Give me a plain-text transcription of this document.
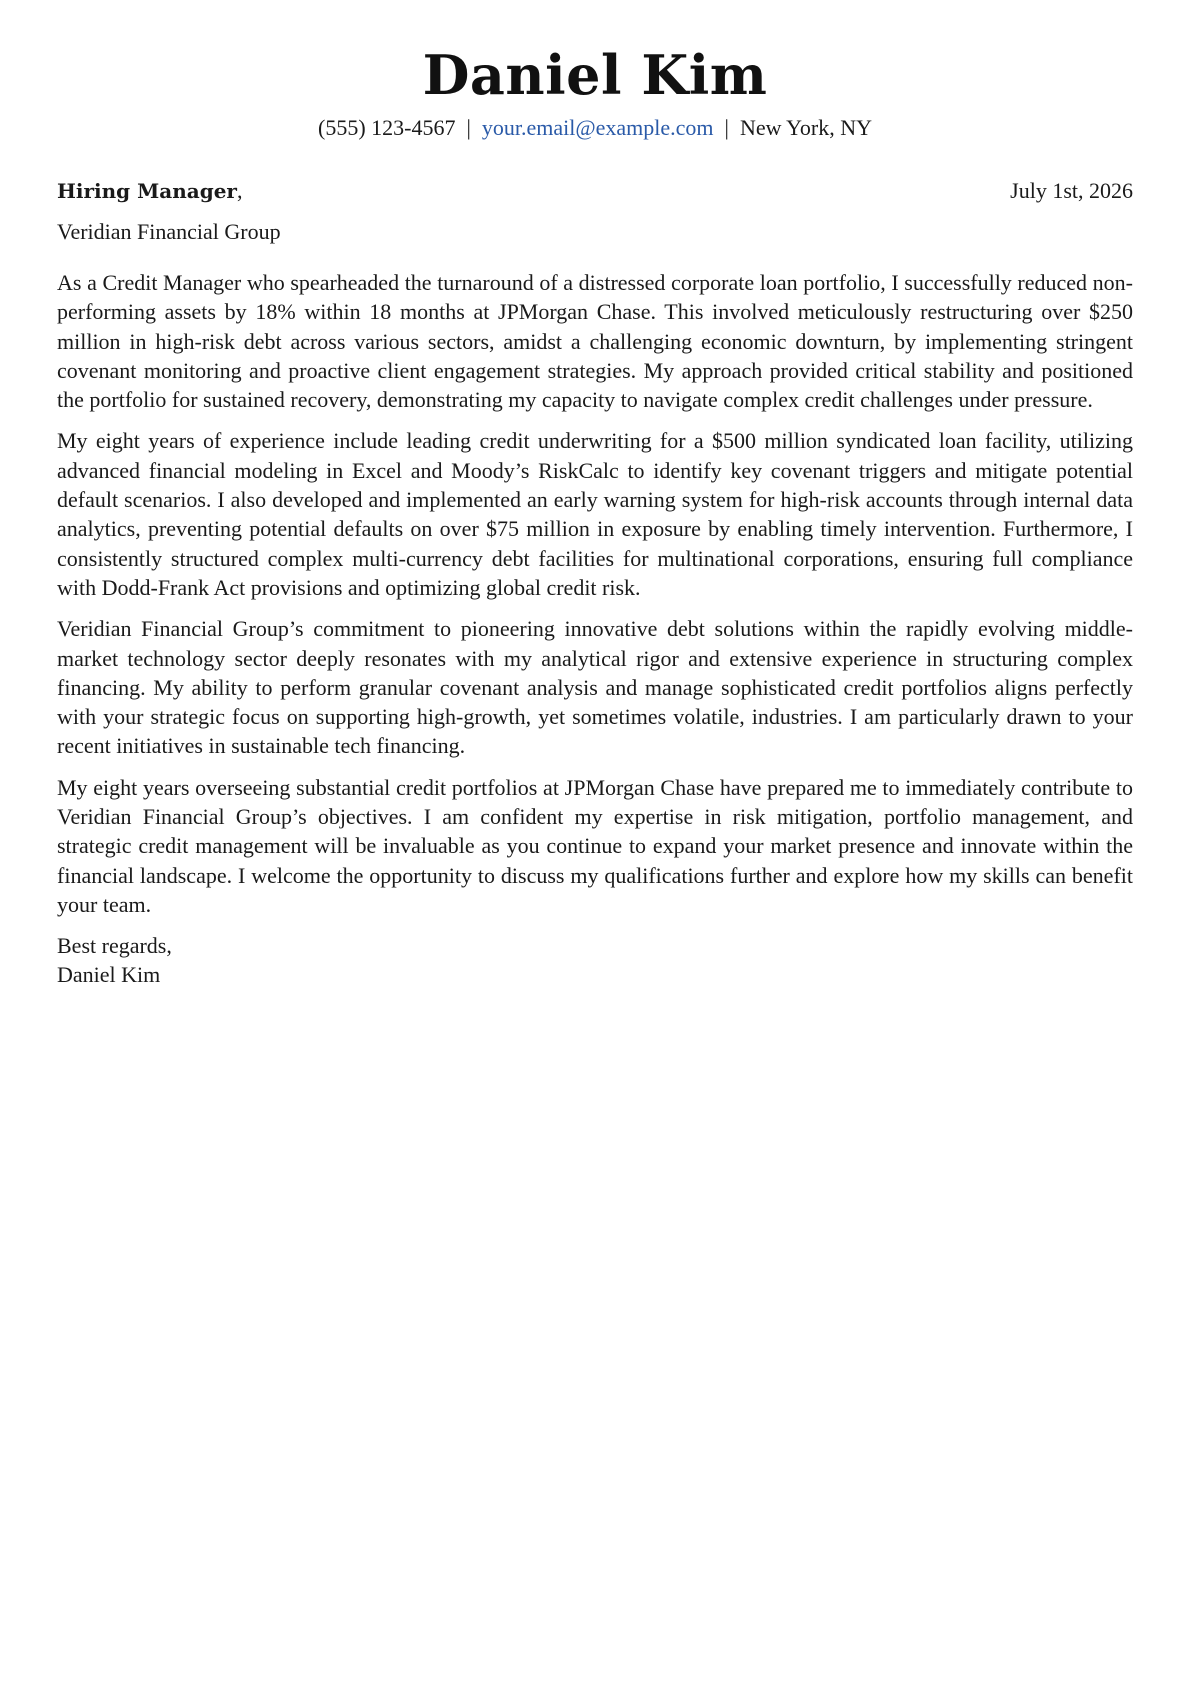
Daniel Kim
(555) 123-4567 | your.email@example.com | New York, NY
Hiring Manager,	July 1st, 2026
Veridian Financial Group

As a Credit Manager who spearheaded the turnaround of a distressed corporate loan portfolio, I successfully reduced non-performing assets by 18% within 18 months at JPMorgan Chase. This involved meticulously restructuring over $250 million in high-risk debt across various sectors, amidst a challenging economic downturn, by implementing stringent covenant monitoring and proactive client engagement strategies. My approach provided critical stability and positioned the portfolio for sustained recovery, demonstrating my capacity to navigate complex credit challenges under pressure.

My eight years of experience include leading credit underwriting for a $500 million syndicated loan facility, utilizing advanced financial modeling in Excel and Moody’s RiskCalc to identify key covenant triggers and mitigate potential default scenarios. I also developed and implemented an early warning system for high-risk accounts through internal data analytics, preventing potential defaults on over $75 million in exposure by enabling timely intervention. Furthermore, I consistently structured complex multi-currency debt facilities for multinational corporations, ensuring full compliance with Dodd-Frank Act provisions and optimizing global credit risk.

Veridian Financial Group’s commitment to pioneering innovative debt solutions within the rapidly evolving middle-market technology sector deeply resonates with my analytical rigor and extensive experience in structuring complex financing. My ability to perform granular covenant analysis and manage sophisticated credit portfolios aligns perfectly with your strategic focus on supporting high-growth, yet sometimes volatile, industries. I am particularly drawn to your recent initiatives in sustainable tech financing.

My eight years overseeing substantial credit portfolios at JPMorgan Chase have prepared me to immediately contribute to Veridian Financial Group’s objectives. I am confident my expertise in risk mitigation, portfolio management, and strategic credit management will be invaluable as you continue to expand your market presence and innovate within the financial landscape. I welcome the opportunity to discuss my qualifications further and explore how my skills can benefit your team.

Best regards,
Daniel Kim
